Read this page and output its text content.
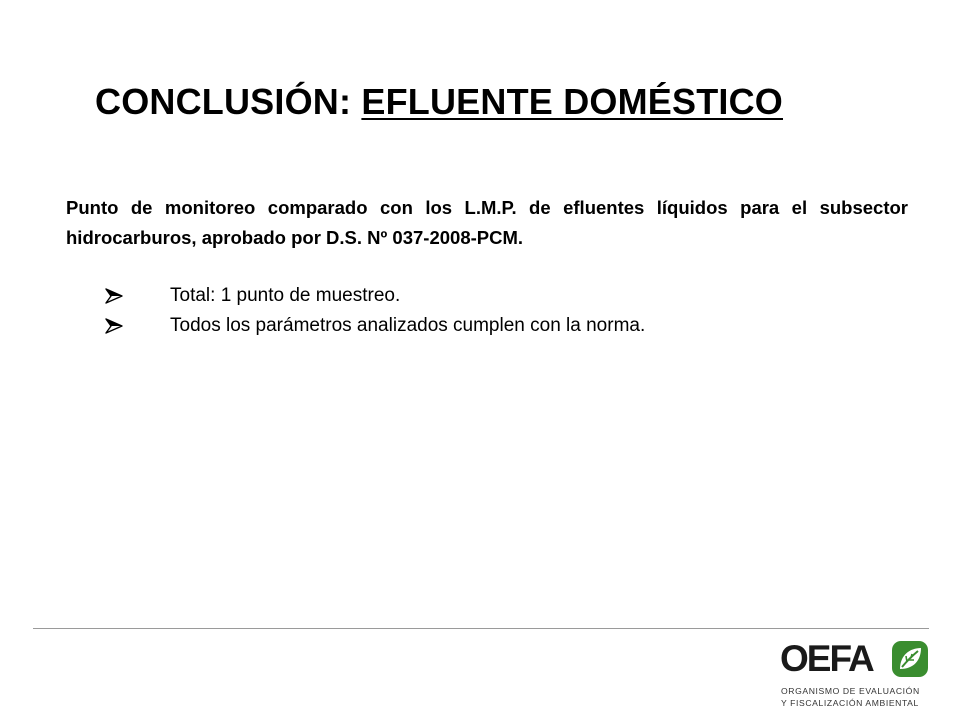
CONCLUSIÓN: EFLUENTE DOMÉSTICO
Punto de monitoreo comparado con los L.M.P. de efluentes líquidos para el subsector hidrocarburos, aprobado por D.S. Nº 037-2008-PCM.
Total: 1 punto de muestreo.
Todos los parámetros analizados cumplen con la norma.
OEFA
ORGANISMO DE EVALUACIÓN
Y FISCALIZACIÓN AMBIENTAL
